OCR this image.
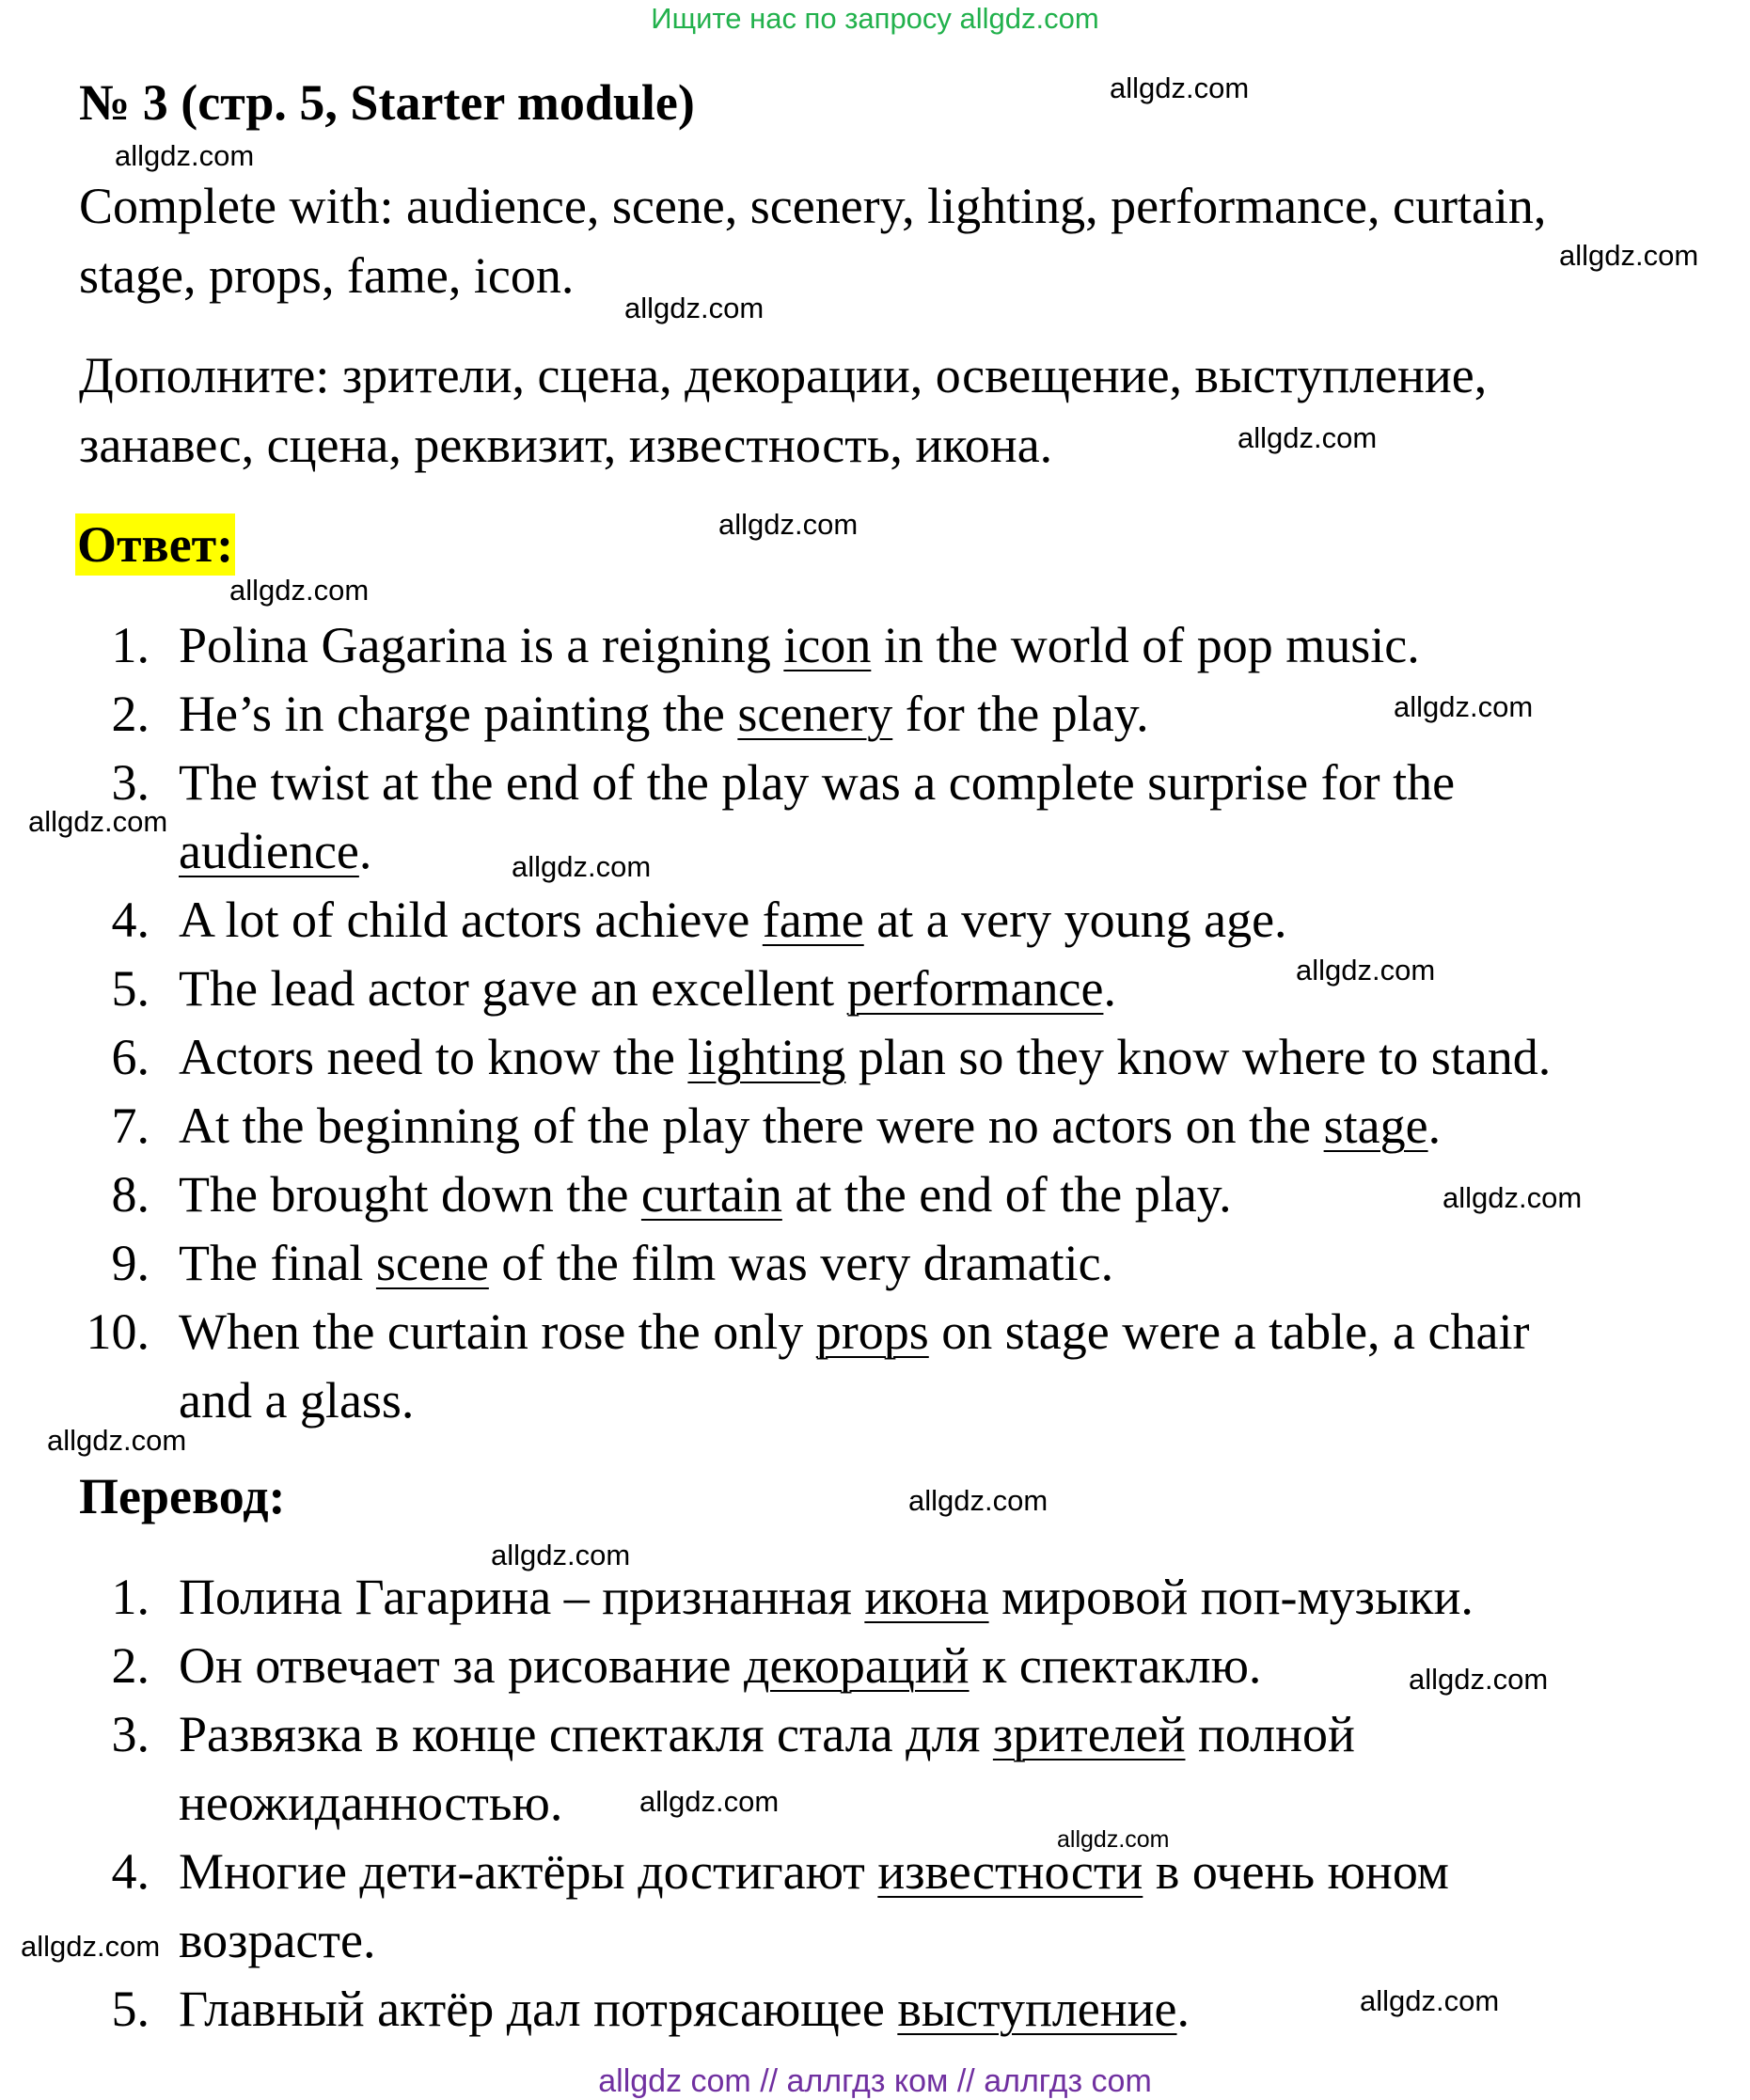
Ищите нас по запросу allgdz.com
№ 3 (стр. 5, Starter module)
Complete with: audience, scene, scenery, lighting, performance, curtain,
stage, props, fame, icon.
Дополните: зрители, сцена, декорации, освещение, выступление,
занавес, сцена, реквизит, известность, икона.
Ответ:
1. Polina Gagarina is a reigning icon in the world of pop music.
2. He’s in charge painting the scenery for the play.
3. The twist at the end of the play was a complete surprise for the
audience.
4. A lot of child actors achieve fame at a very young age.
5. The lead actor gave an excellent performance.
6. Actors need to know the lighting plan so they know where to stand.
7. At the beginning of the play there were no actors on the stage.
8. The brought down the curtain at the end of the play.
9. The final scene of the film was very dramatic.
10. When the curtain rose the only props on stage were a table, a chair
and a glass.
Перевод:
1. Полина Гагарина – признанная икона мировой поп-музыки.
2. Он отвечает за рисование декораций к спектаклю.
3. Развязка в конце спектакля стала для зрителей полной
неожиданностью.
4. Многие дети-актёры достигают известности в очень юном
возрасте.
5. Главный актёр дал потрясающее выступление.
allgdz.com
allgdz.com
allgdz.com
allgdz.com
allgdz.com
allgdz.com
allgdz.com
allgdz.com
allgdz.com
allgdz.com
allgdz.com
allgdz.com
allgdz.com
allgdz.com
allgdz.com
allgdz.com
allgdz.com
allgdz.com
allgdz.com
allgdz.com
allgdz com // аллгдз ком // аллгдз com
